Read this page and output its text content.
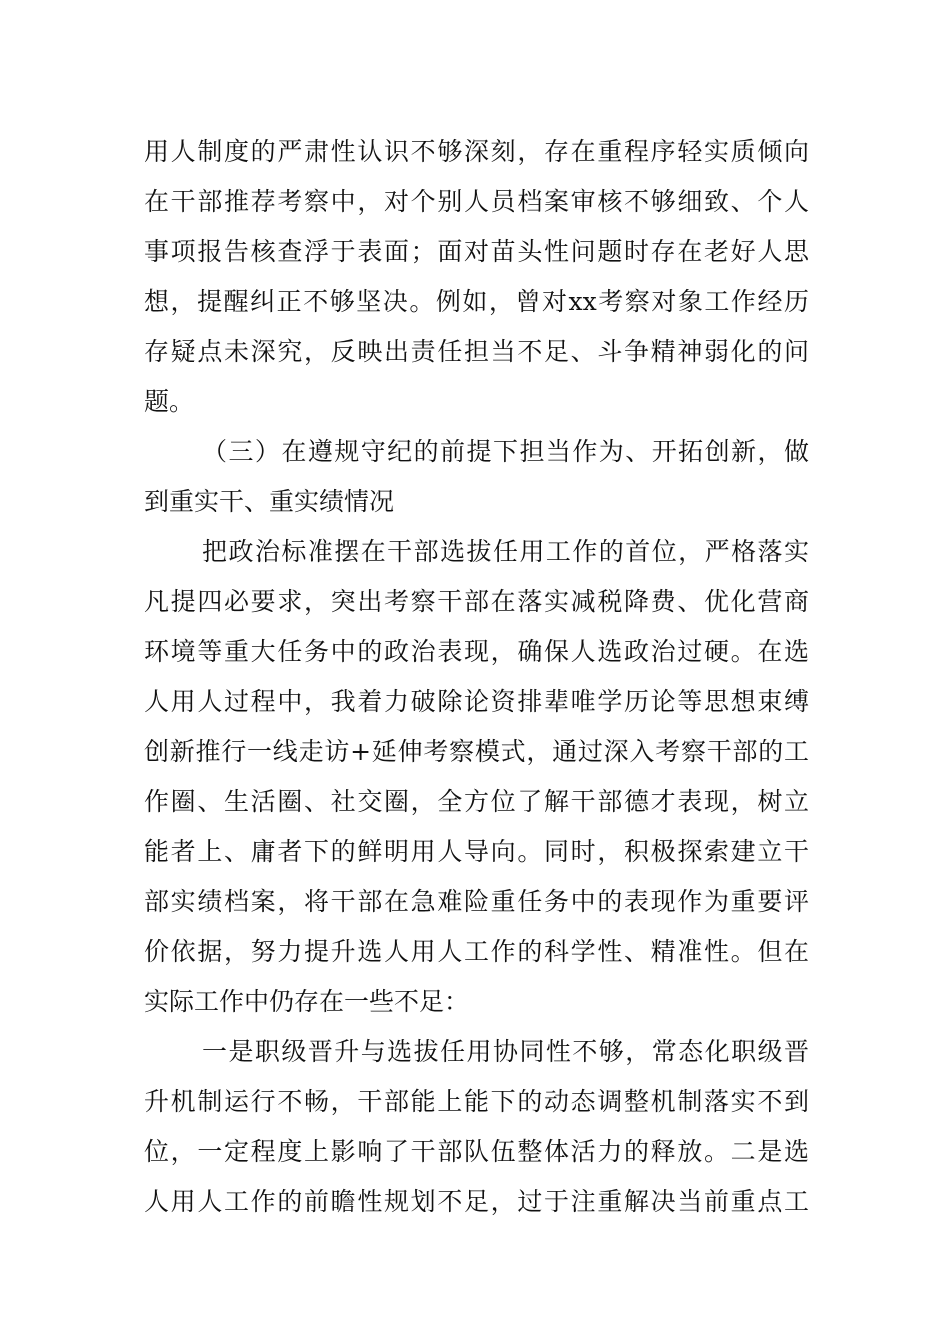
用人制度的严肃性认识不够深刻，存在重程序轻实质倾向
在干部推荐考察中，对个别人员档案审核不够细致、个人
事项报告核查浮于表面；面对苗头性问题时存在老好人思
想，提醒纠正不够坚决。例如，曾对xx考察对象工作经历
存疑点未深究，反映出责任担当不足、斗争精神弱化的问
题。
（三）在遵规守纪的前提下担当作为、开拓创新，做
到重实干、重实绩情况
把政治标准摆在干部选拔任用工作的首位，严格落实
凡提四必要求，突出考察干部在落实减税降费、优化营商
环境等重大任务中的政治表现，确保人选政治过硬。在选
人用人过程中，我着力破除论资排辈唯学历论等思想束缚
创新推行一线走访+延伸考察模式，通过深入考察干部的工
作圈、生活圈、社交圈，全方位了解干部德才表现，树立
能者上、庸者下的鲜明用人导向。同时，积极探索建立干
部实绩档案，将干部在急难险重任务中的表现作为重要评
价依据，努力提升选人用人工作的科学性、精准性。但在
实际工作中仍存在一些不足：
一是职级晋升与选拔任用协同性不够，常态化职级晋
升机制运行不畅，干部能上能下的动态调整机制落实不到
位，一定程度上影响了干部队伍整体活力的释放。二是选
人用人工作的前瞻性规划不足，过于注重解决当前重点工
